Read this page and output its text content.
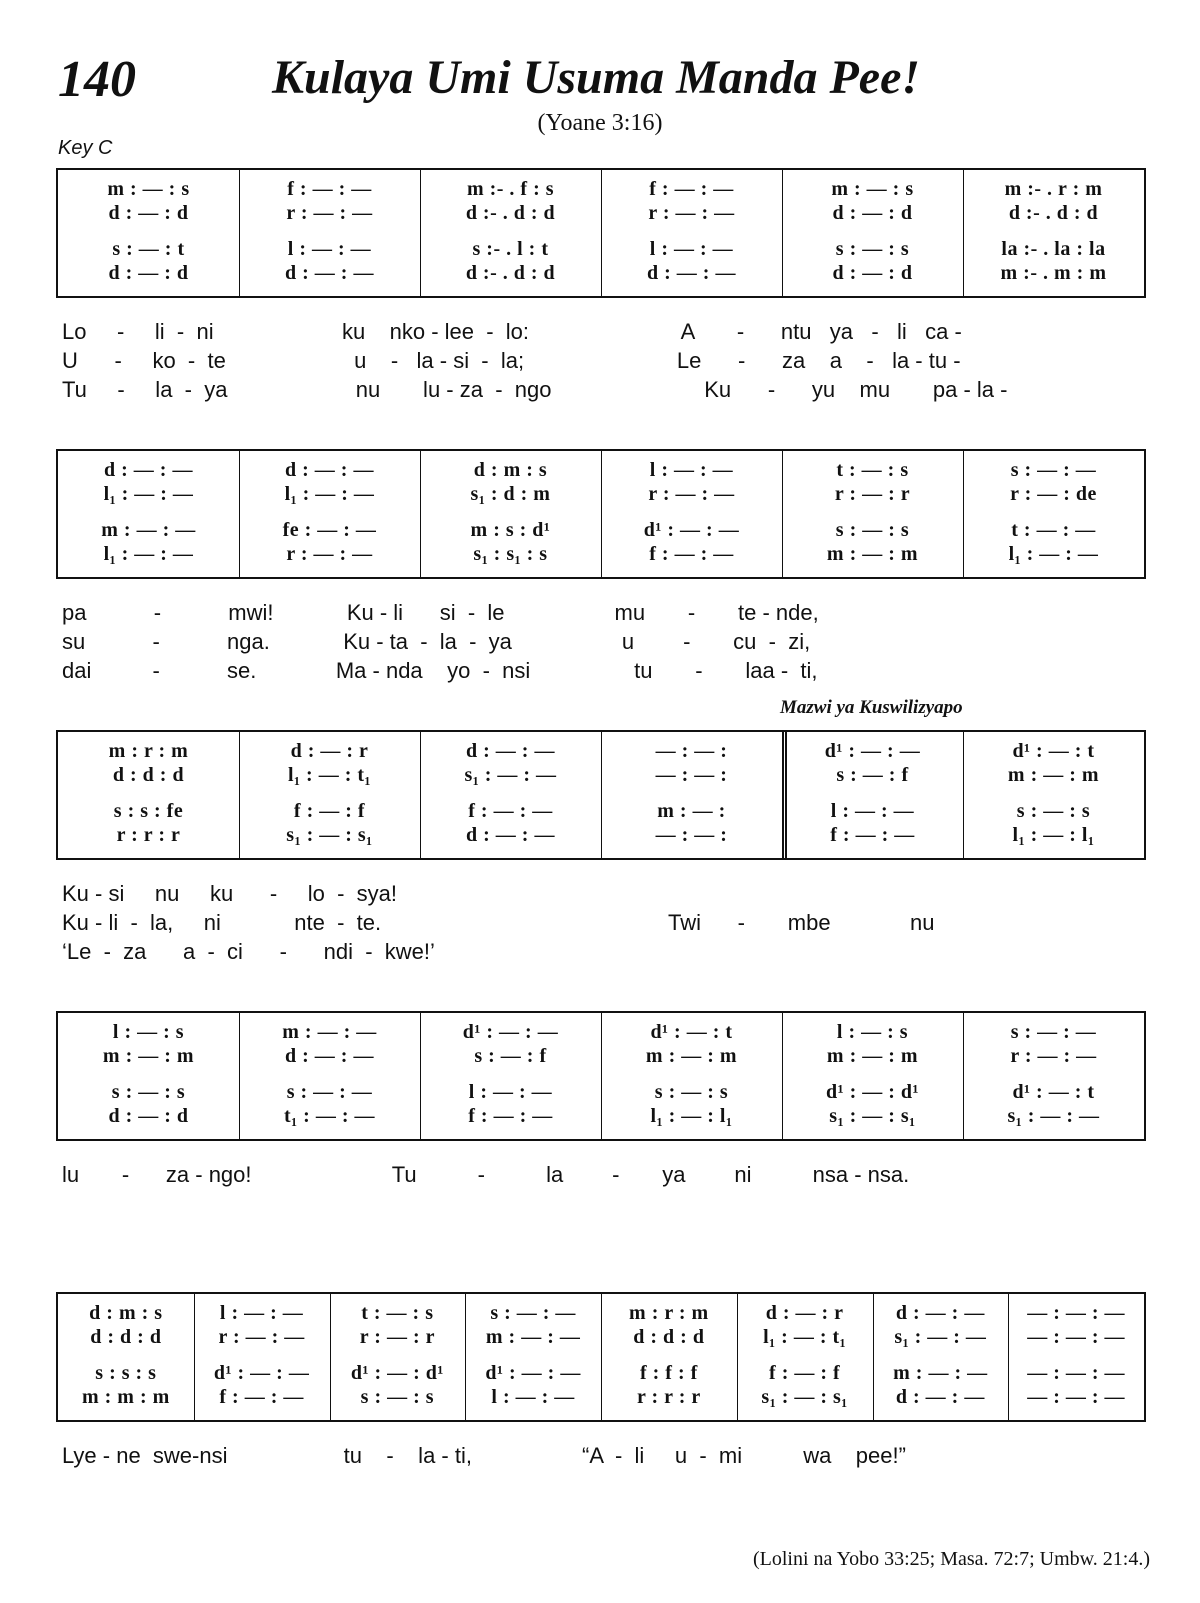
140	Kulaya Umi Usuma Manda Pee!
(Yoane 3:16)
Key C
m : — : s	f : — : —	m :- . f : s	f : — : —	m : — : s	m :- . r : m
d : — : d	r : — : —	d :- . d : d	r : — : —	d : — : d	d :- . d : d
s : — : t	l : — : —	s :- . l : t	l : — : —	s : — : s	la :- . la : la
d : — : d	d : — : —	d :- . d : d	d : — : —	d : — : d	m :- . m : m
Lo     -     li  -  ni                     ku    nko - lee  -  lo:                         A       -      ntu   ya   -   li   ca -
U      -     ko  -  te                     u    -   la - si  -  la;                         Le      -      za    a    -   la - tu -
Tu     -     la  -  ya                     nu       lu - za  -  ngo                         Ku      -      yu    mu       pa - la -
d : — : —	d : — : —	d : m : s	l : — : —	t : — : s	s : — : —
l₁ : — : —	l₁ : — : —	s₁ : d : m	r : — : —	r : — : r	r : — : de
m : — : —	fe : — : —	m : s : d¹	d¹ : — : —	s : — : s	t : — : —
l₁ : — : —	r : — : —	s₁ : s₁ : s	f : — : —	m : — : m	l₁ : — : —
pa           -           mwi!            Ku - li      si  -  le                  mu       -       te - nde,
su           -           nga.            Ku - ta  -  la  -  ya                  u        -       cu  -  zi,
dai          -           se.             Ma - nda    yo  -  nsi                 tu       -       laa -  ti,
Mazwi ya Kuswilizyapo
m : r : m	d : — : r	d : — : —	— : — :	d¹ : — : —	d¹ : — : t
d : d : d	l₁ : — : t₁	s₁ : — : —	— : — :	s : — : f	m : — : m
s : s : fe	f : — : f	f : — : —	m : — :	l : — : —	s : — : s
r : r : r	s₁ : — : s₁	d : — : —	— : — :	f : — : —	l₁ : — : l₁
Ku - si     nu     ku      -     lo  -  sya!
Ku - li  -  la,     ni            nte  -  te.                                               Twi      -       mbe             nu
‘Le  -  za      a  -  ci      -      ndi  -  kwe!’
l : — : s	m : — : —	d¹ : — : —	d¹ : — : t	l : — : s	s : — : —
m : — : m	d : — : —	s : — : f	m : — : m	m : — : m	r : — : —
s : — : s	s : — : —	l : — : —	s : — : s	d¹ : — : d¹	d¹ : — : t
d : — : d	t₁ : — : —	f : — : —	l₁ : — : l₁	s₁ : — : s₁	s₁ : — : —
lu       -      za - ngo!                       Tu          -          la        -       ya        ni          nsa - nsa.
d : m : s	l : — : —	t : — : s	s : — : —	m : r : m	d : — : r	d : — : —	— : — : —
d : d : d	r : — : —	r : — : r	m : — : —	d : d : d	l₁ : — : t₁	s₁ : — : —	— : — : —
s : s : s	d¹ : — : —	d¹ : — : d¹	d¹ : — : —	f : f : f	f : — : f	m : — : —	— : — : —
m : m : m	f : — : —	s : — : s	l : — : —	r : r : r	s₁ : — : s₁	d : — : —	— : — : —
Lye - ne  swe-nsi                   tu    -    la - ti,                  “A  -  li     u  -  mi          wa    pee!”
(Lolini na Yobo 33:25; Masa. 72:7; Umbw. 21:4.)
